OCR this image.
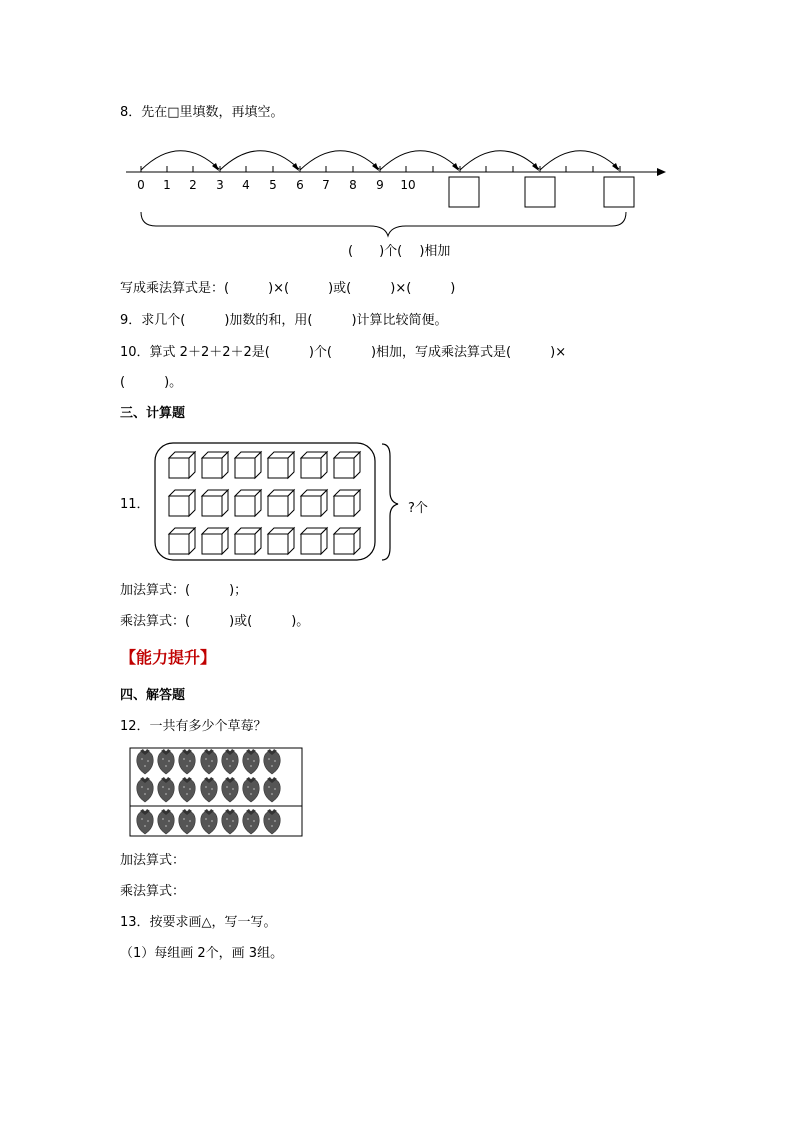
8．先在□里填数，再填空。
0 1 2 3 4 5 6 7 8 9 10
(　　)个(　 )相加
写成乘法算式是：(　　　)×(　　　)或(　　　)×(　　　)
9．求几个(　　　)加数的和，用(　　　)计算比较简便。
10．算式 2＋2＋2＋2是(　　　)个(　　　)相加，写成乘法算式是(　　　)×
(　　　)。
三、计算题
11．	?个
加法算式：(　　　)；
乘法算式：(　　　)或(　　　)。
【能力提升】
四、解答题
12．一共有多少个草莓？
加法算式：
乘法算式：
13．按要求画△，写一写。
（1）每组画 2个，画 3组。
